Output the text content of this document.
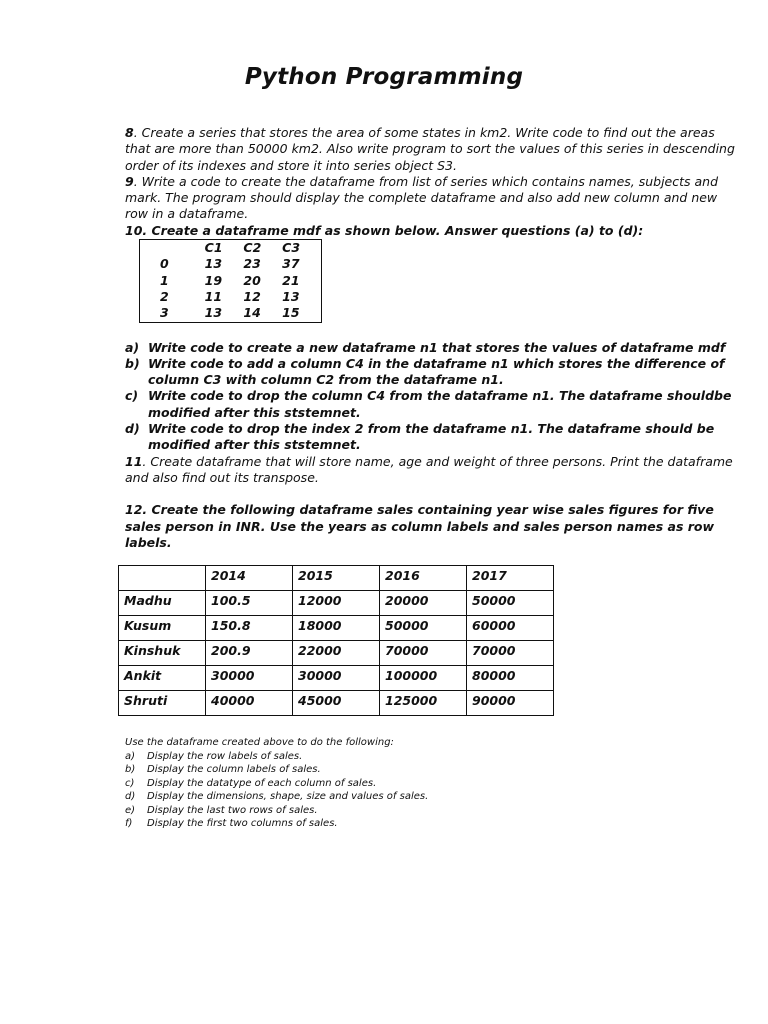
Python Programming

8. Create a series that stores the area of some states in km2. Write code to find out the areas that are more than 50000 km2. Also write program to sort the values of this series in descending order of its indexes and store it into series object S3.

9. Write a code to create the dataframe from list of series which contains names, subjects and mark. The program should display the complete dataframe and also add new column and new row in a dataframe.

10. Create a dataframe mdf as shown below. Answer questions (a) to (d):

	C1	C2	C3
0	13	23	37
1	19	20	21
2	11	12	13
3	13	14	15

a) Write code to create a new dataframe n1 that stores the values of dataframe mdf

b) Write code to add a column C4 in the dataframe n1 which stores the difference of column C3 with column C2 from the dataframe n1.

c) Write code to drop the column C4 from the dataframe n1. The dataframe shouldbe modified after this ststemnet.

d) Write code to drop the index 2 from the dataframe n1. The dataframe should be modified after this ststemnet.

11. Create dataframe that will store name, age and weight of three persons. Print the dataframe and also find out its transpose.

12. Create the following dataframe sales containing year wise sales figures for five sales person in INR. Use the years as column labels and sales person names as row labels.

	2014	2015	2016	2017
Madhu	100.5	12000	20000	50000
Kusum	150.8	18000	50000	60000
Kinshuk	200.9	22000	70000	70000
Ankit	30000	30000	100000	80000
Shruti	40000	45000	125000	90000
Use the dataframe created above to do the following:
a) Display the row labels of sales.
b) Display the column labels of sales.
c) Display the datatype of each column of sales.
d) Display the dimensions, shape, size and values of sales.
e) Display the last two rows of sales.
f) Display the first two columns of sales.
